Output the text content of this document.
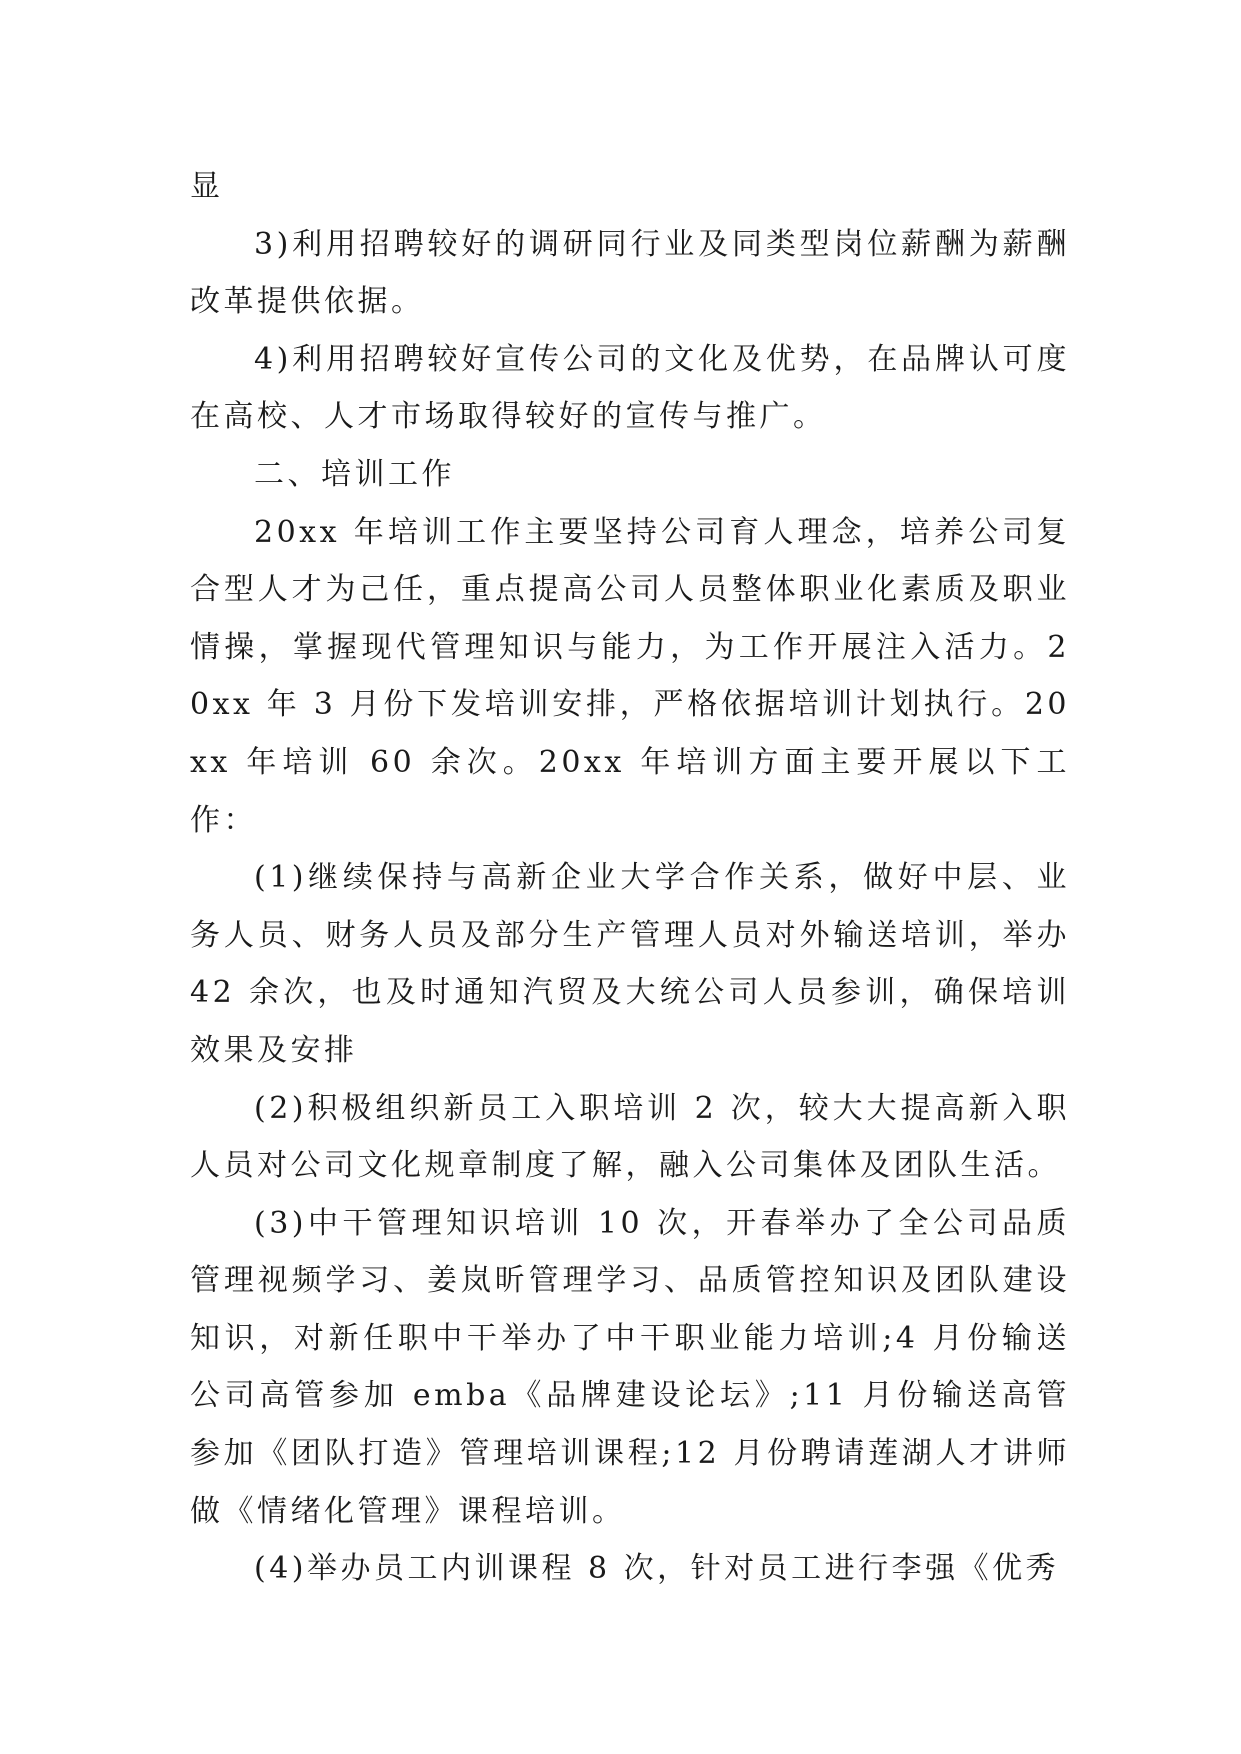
显

3)利用招聘较好的调研同行业及同类型岗位薪酬为薪酬改革提供依据。

4)利用招聘较好宣传公司的文化及优势，在品牌认可度在高校、人才市场取得较好的宣传与推广。

二、培训工作

20xx 年培训工作主要坚持公司育人理念，培养公司复合型人才为己任，重点提高公司人员整体职业化素质及职业情操，掌握现代管理知识与能力，为工作开展注入活力。20xx 年 3 月份下发培训安排，严格依据培训计划执行。20xx 年培训 60 余次。20xx 年培训方面主要开展以下工作：

(1)继续保持与高新企业大学合作关系，做好中层、业务人员、财务人员及部分生产管理人员对外输送培训，举办 42 余次，也及时通知汽贸及大统公司人员参训，确保培训效果及安排

(2)积极组织新员工入职培训 2 次，较大大提高新入职人员对公司文化规章制度了解，融入公司集体及团队生活。

(3)中干管理知识培训 10 次，开春举办了全公司品质管理视频学习、姜岚昕管理学习、品质管控知识及团队建设知识，对新任职中干举办了中干职业能力培训;4 月份输送公司高管参加 emba《品牌建设论坛》;11 月份输送高管参加《团队打造》管理培训课程;12 月份聘请莲湖人才讲师做《情绪化管理》课程培训。

(4)举办员工内训课程 8 次，针对员工进行李强《优秀
